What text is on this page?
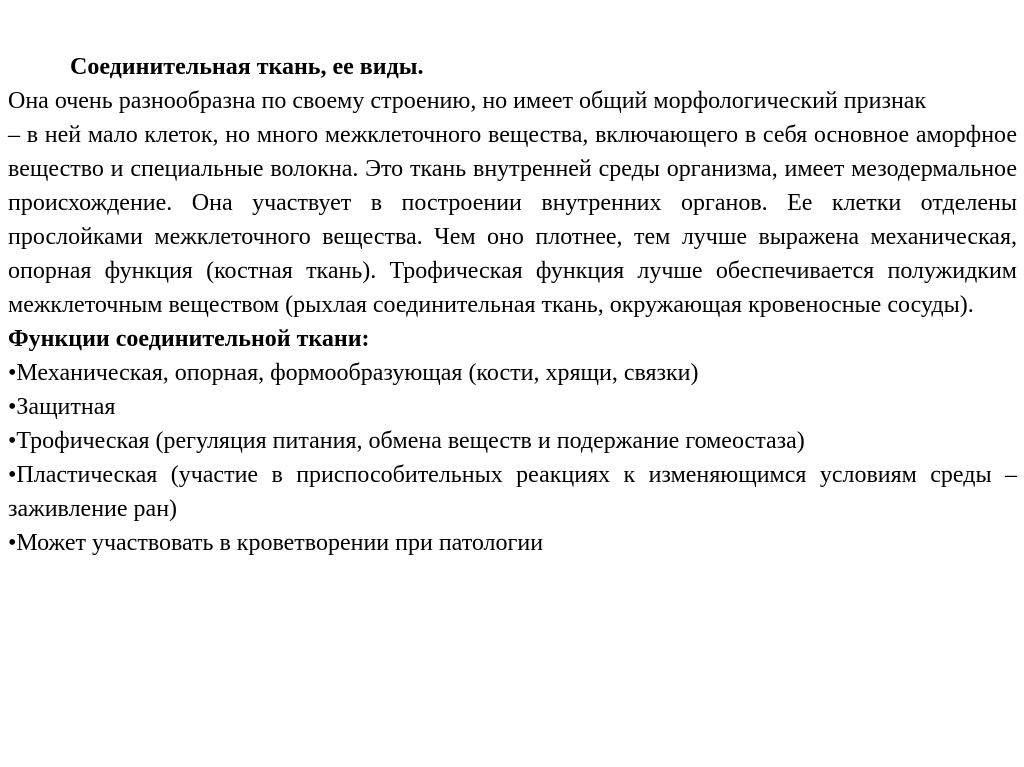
Соединительная ткань, ее виды.

Она очень разнообразна по своему строению, но имеет общий морфологический признак

– в ней мало клеток, но много межклеточного вещества, включающего в себя основное аморфное вещество и специальные волокна. Это ткань внутренней среды организма, имеет мезодермальное происхождение. Она участвует в построении внутренних органов. Ее клетки отделены прослойками межклеточного вещества. Чем оно плотнее, тем лучше выражена механическая, опорная функция (костная ткань). Трофическая функция лучше обеспечивается полужидким межклеточным веществом (рыхлая соединительная ткань, окружающая кровеносные сосуды).

Функции соединительной ткани:

•Механическая, опорная, формообразующая (кости, хрящи, связки)

•Защитная

•Трофическая (регуляция питания, обмена веществ и подержание гомеостаза)

•Пластическая (участие в приспособительных реакциях к изменяющимся условиям среды – заживление ран)

•Может участвовать в кроветворении при патологии
